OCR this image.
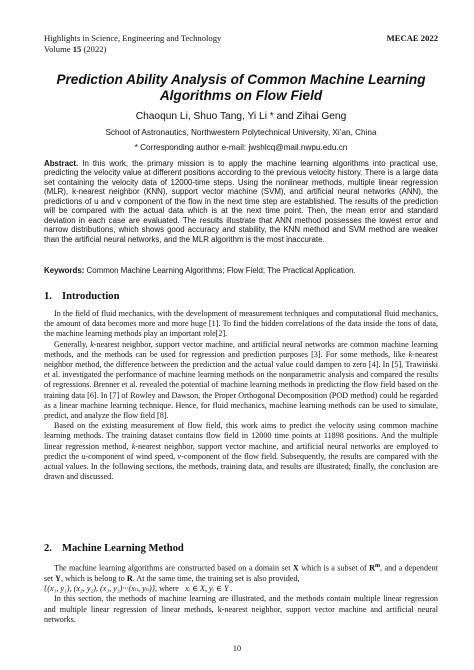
Highlights in Science, Engineering and Technology	MECAE 2022
Volume 15 (2022)
Prediction Ability Analysis of Common Machine Learning Algorithms on Flow Field
Chaoqun Li, Shuo Tang, Yi Li * and Zihai Geng
School of Astronautics, Northwestern Polytechnical University, Xi’an, China
* Corresponding author e-mail: jwshlcq@mail.nwpu.edu.cn

Abstract. In this work, the primary mission is to apply the machine learning algorithms into practical use, predicting the velocity value at different positions according to the previous velocity history. There is a large data set containing the velocity data of 12000-time steps. Using the nonlinear methods, multiple linear regression (MLR), k-nearest neighbor (KNN), support vector machine (SVM), and artificial neural networks (ANN), the predictions of u and v component of the flow in the next time step are established. The results of the prediction will be compared with the actual data which is at the next time point. Then, the mean error and standard deviation in each case are evaluated. The results illustrate that ANN method possesses the lowest error and narrow distributions, which shows good accuracy and stability, the KNN method and SVM method are weaker than the artificial neural networks, and the MLR algorithm is the most inaccurate.

Keywords: Common Machine Learning Algorithms; Flow Field; The Practical Application.

1. Introduction

In the field of fluid mechanics, with the development of measurement techniques and computational fluid mechanics, the amount of data becomes more and more huge [1]. To find the hidden correlations of the data inside the tons of data, the machine learning methods play an important role[2].

Generally, k-nearest neighbor, support vector machine, and artificial neural networks are common machine learning methods, and the methods can be used for regression and prediction purposes [3]. For some methods, like k-nearest neighbor method, the difference between the prediction and the actual value could dampen to zero [4]. In [5], Trawiński et al. investigated the performance of machine learning methods on the nonparametric analysis and compared the results of regressions. Brenner et al. revealed the potential of machine learning methods in predicting the flow field based on the training data [6]. In [7] of Rowley and Dawson, the Proper Orthogonal Decomposition (POD method) could be regarded as a linear machine learning technique. Hence, for fluid mechanics, machine learning methods can be used to simulate, predict, and analyze the flow field [8].

Based on the existing measurement of flow field, this work aims to predict the velocity using common machine learning methods. The training dataset contains flow field in 12000 time points at 11898 positions. And the multiple linear regression method, k-nearest neighbor, support vector machine, and artificial neural networks are employed to predict the u-component of wind speed, v-component of the flow field. Subsequently, the results are compared with the actual values. In the following sections, the methods, training data, and results are illustrated; finally, the conclusion are drawn and discussed.

2. Machine Learning Method

The machine learning algorithms are constructed based on a domain set X which is a subset of $R^m$, and a dependent set Y, which is belong to R. At the same time, the training set is also provided,

{(x₁, y₁), (x₂, y₂), (x₃, y₃)···(xₙ, yₙ)}, where xᵢ ∈ X, yᵢ ∈ Y .

In this section, the methods of machine learning are illustrated, and the methods contain multiple linear regression and multiple linear regression of linear methods, k-nearest neighbor, support vector machine and artificial neural networks.

10
